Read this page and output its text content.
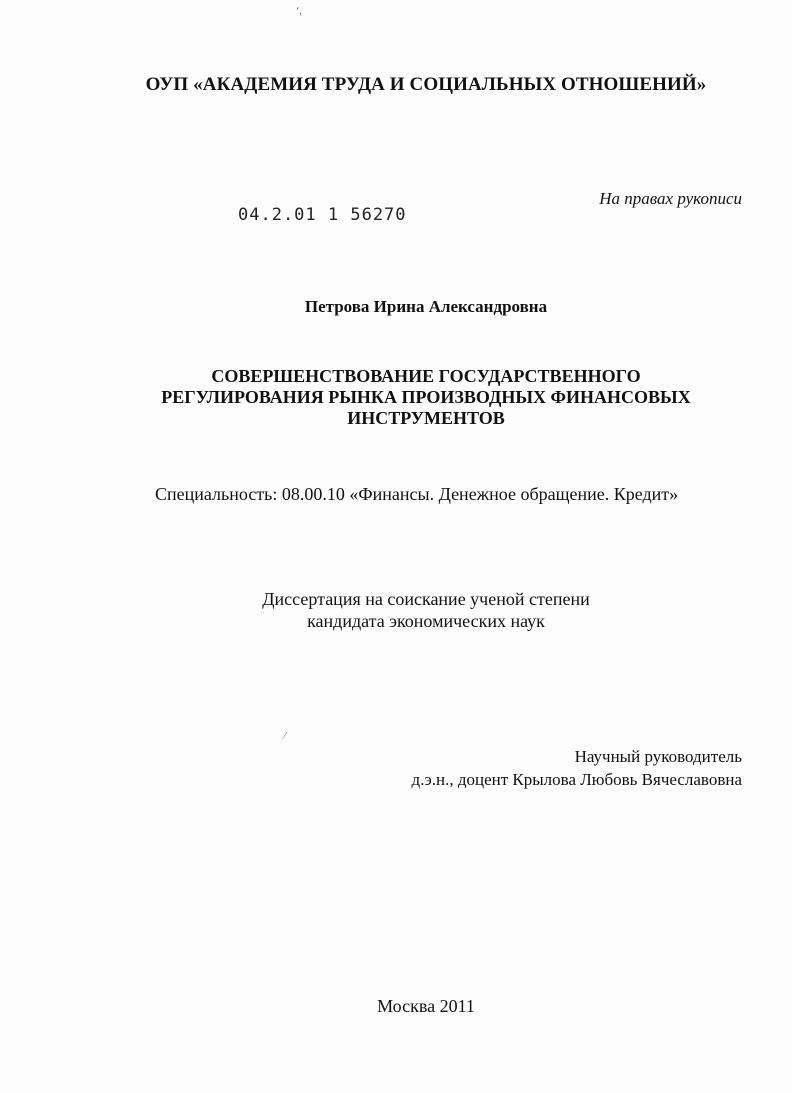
‘,
ОУП «АКАДЕМИЯ ТРУДА И СОЦИАЛЬНЫХ ОТНОШЕНИЙ»
На правах рукописи
04.2.01 1 56270
Петрова Ирина Александровна
СОВЕРШЕНСТВОВАНИЕ ГОСУДАРСТВЕННОГО
РЕГУЛИРОВАНИЯ РЫНКА ПРОИЗВОДНЫХ ФИНАНСОВЫХ
ИНСТРУМЕНТОВ
Специальность: 08.00.10 «Финансы. Денежное обращение. Кредит»
Диссертация на соискание ученой степени
кандидата экономических наук
⁄
Научный руководитель
д.э.н., доцент Крылова Любовь Вячеславовна
Москва 2011
